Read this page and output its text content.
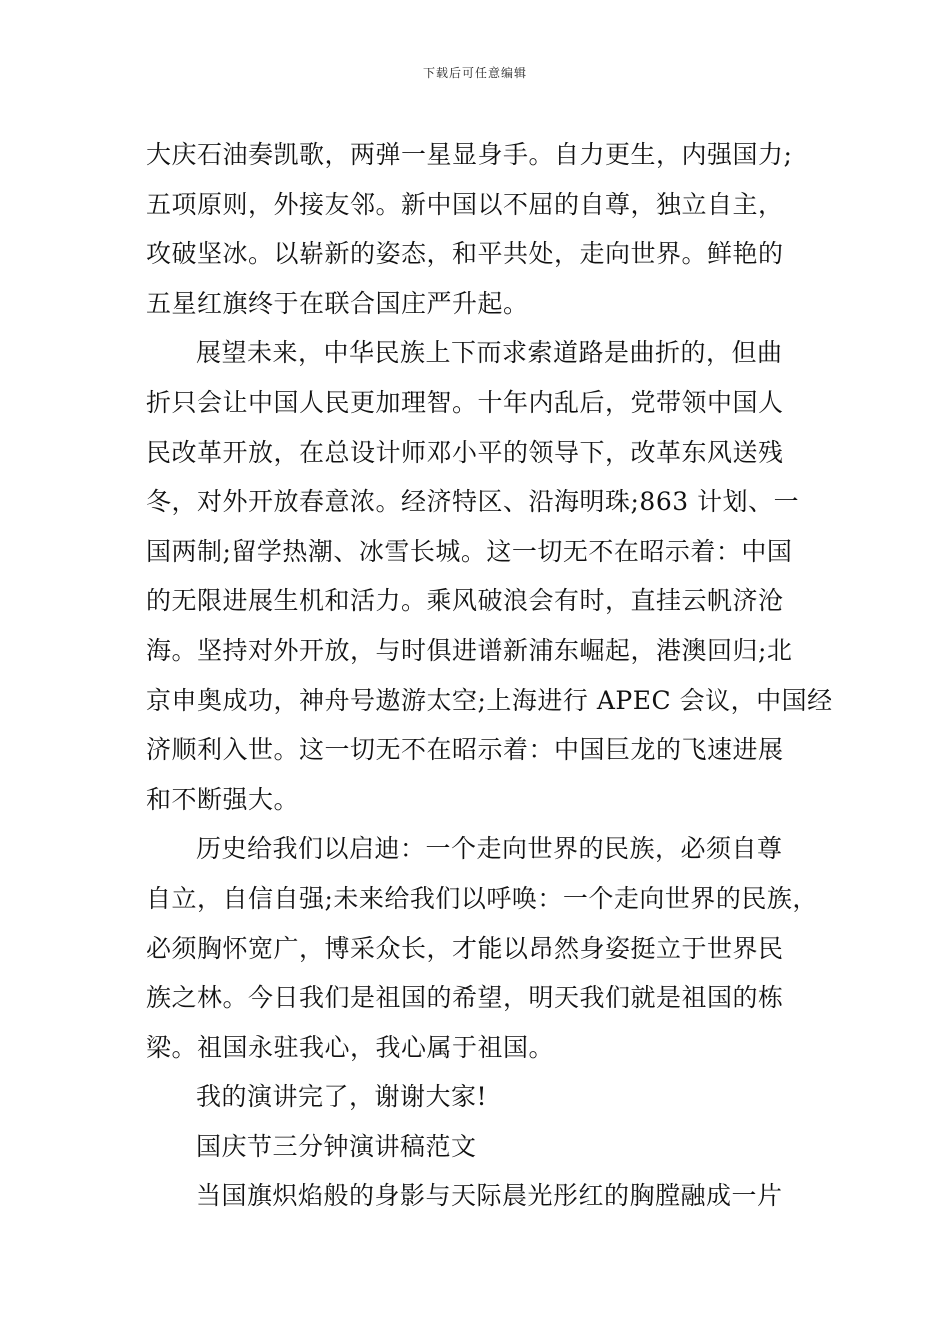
下载后可任意编辑
大庆石油奏凯歌，两弹一星显身手。自力更生，内强国力;
五项原则，外接友邻。新中国以不屈的自尊，独立自主，
攻破坚冰。以崭新的姿态，和平共处，走向世界。鲜艳的
五星红旗终于在联合国庄严升起。
展望未来，中华民族上下而求索道路是曲折的，但曲
折只会让中国人民更加理智。十年内乱后，党带领中国人
民改革开放，在总设计师邓小平的领导下，改革东风送残
冬，对外开放春意浓。经济特区、沿海明珠;863 计划、一
国两制;留学热潮、冰雪长城。这一切无不在昭示着：中国
的无限进展生机和活力。乘风破浪会有时，直挂云帆济沧
海。坚持对外开放，与时俱进谱新浦东崛起，港澳回归;北
京申奥成功，神舟号遨游太空;上海进行 APEC 会议，中国经
济顺利入世。这一切无不在昭示着：中国巨龙的飞速进展
和不断强大。
历史给我们以启迪：一个走向世界的民族，必须自尊
自立，自信自强;未来给我们以呼唤：一个走向世界的民族，
必须胸怀宽广，博采众长，才能以昂然身姿挺立于世界民
族之林。今日我们是祖国的希望，明天我们就是祖国的栋
梁。祖国永驻我心，我心属于祖国。
我的演讲完了，谢谢大家!
国庆节三分钟演讲稿范文
当国旗炽焰般的身影与天际晨光彤红的胸膛融成一片
